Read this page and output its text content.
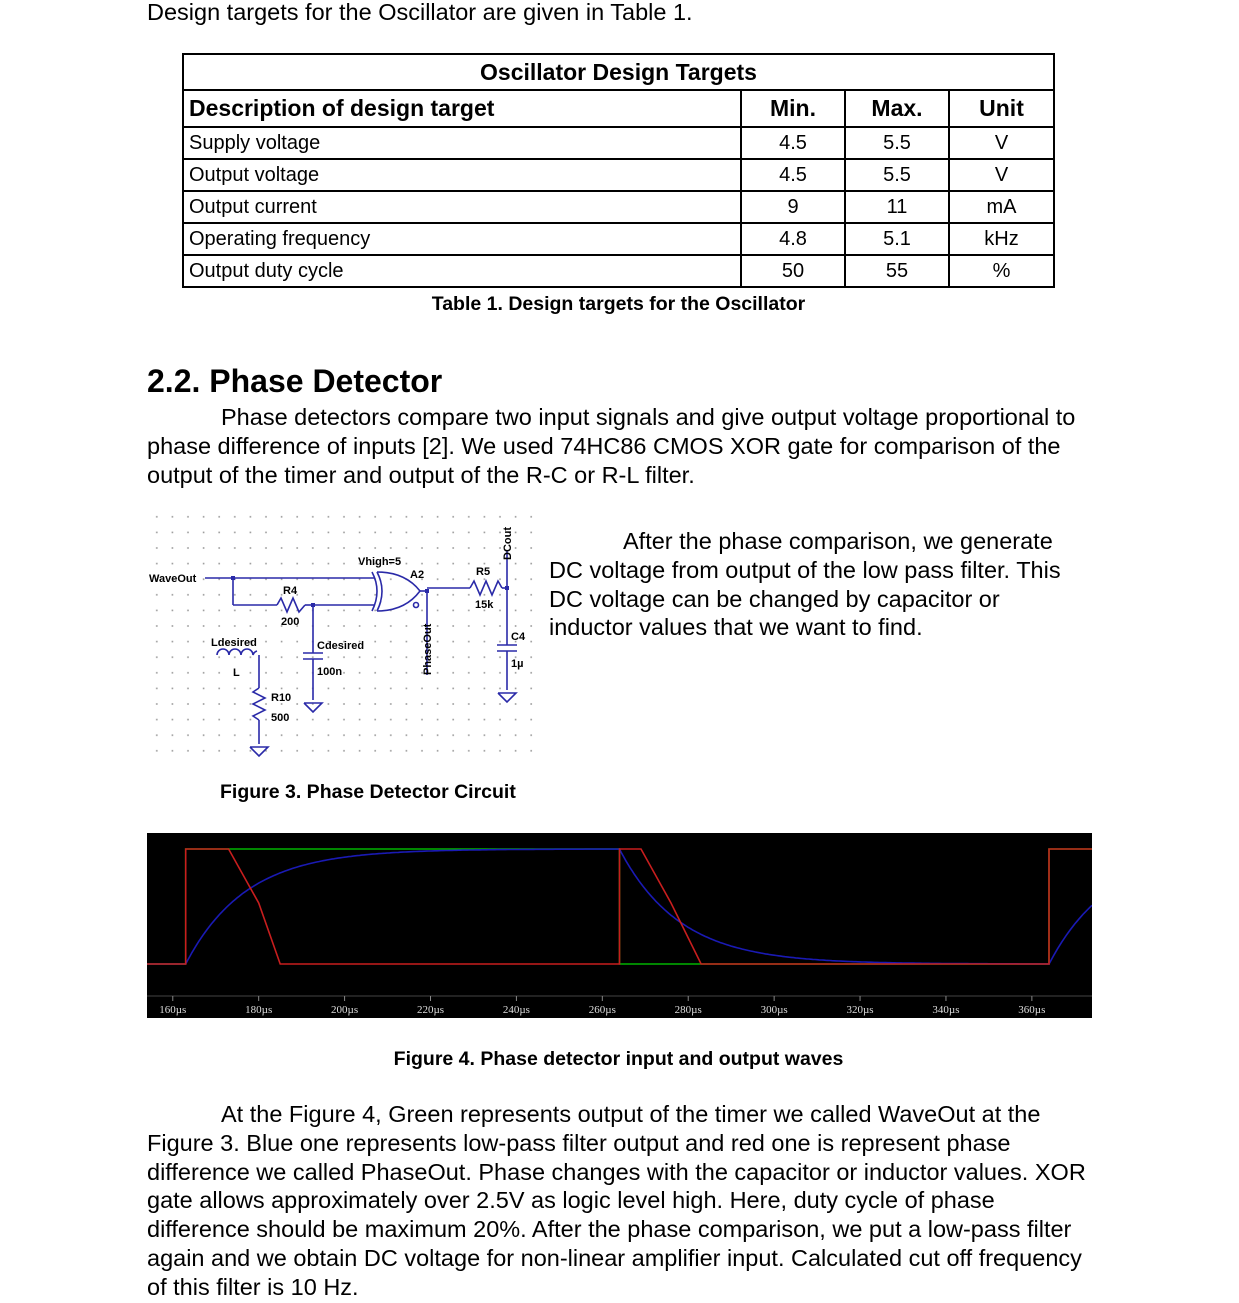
Design targets for the Oscillator are given in Table 1.

Oscillator Design Targets			
Description of design target	Min.	Max.	Unit
Supply voltage	4.5	5.5	V
Output voltage	4.5	5.5	V
Output current	9	11	mA
Operating frequency	4.8	5.1	kHz
Output duty cycle	50	55	%
Table 1. Design targets for the Oscillator
2.2. Phase Detector

Phase detectors compare two input signals and give output voltage proportional to phase difference of inputs [2]. We used 74HC86 CMOS XOR gate for comparison of the output of the timer and output of the R-C or R-L filter.

WaveOut
Vhigh=5
A2
R4
200
R5
15k
DCout
PhaseOut	C4
1µ
Ldesired
L
Cdesired
100n
R10
500

After the phase comparison, we generate DC voltage from output of the low pass filter. This DC voltage can be changed by capacitor or inductor values that we want to find.

Figure 3. Phase Detector Circuit
160µs	180µs	200µs	220µs	240µs	260µs	280µs	300µs	320µs	340µs	360µs
Figure 4. Phase detector input and output waves

At the Figure 4, Green represents output of the timer we called WaveOut at the Figure 3. Blue one represents low-pass filter output and red one is represent phase difference we called PhaseOut. Phase changes with the capacitor or inductor values. XOR gate allows approximately over 2.5V as logic level high. Here, duty cycle of phase difference should be maximum 20%. After the phase comparison, we put a low-pass filter again and we obtain DC voltage for non-linear amplifier input. Calculated cut off frequency of this filter is 10 Hz.
